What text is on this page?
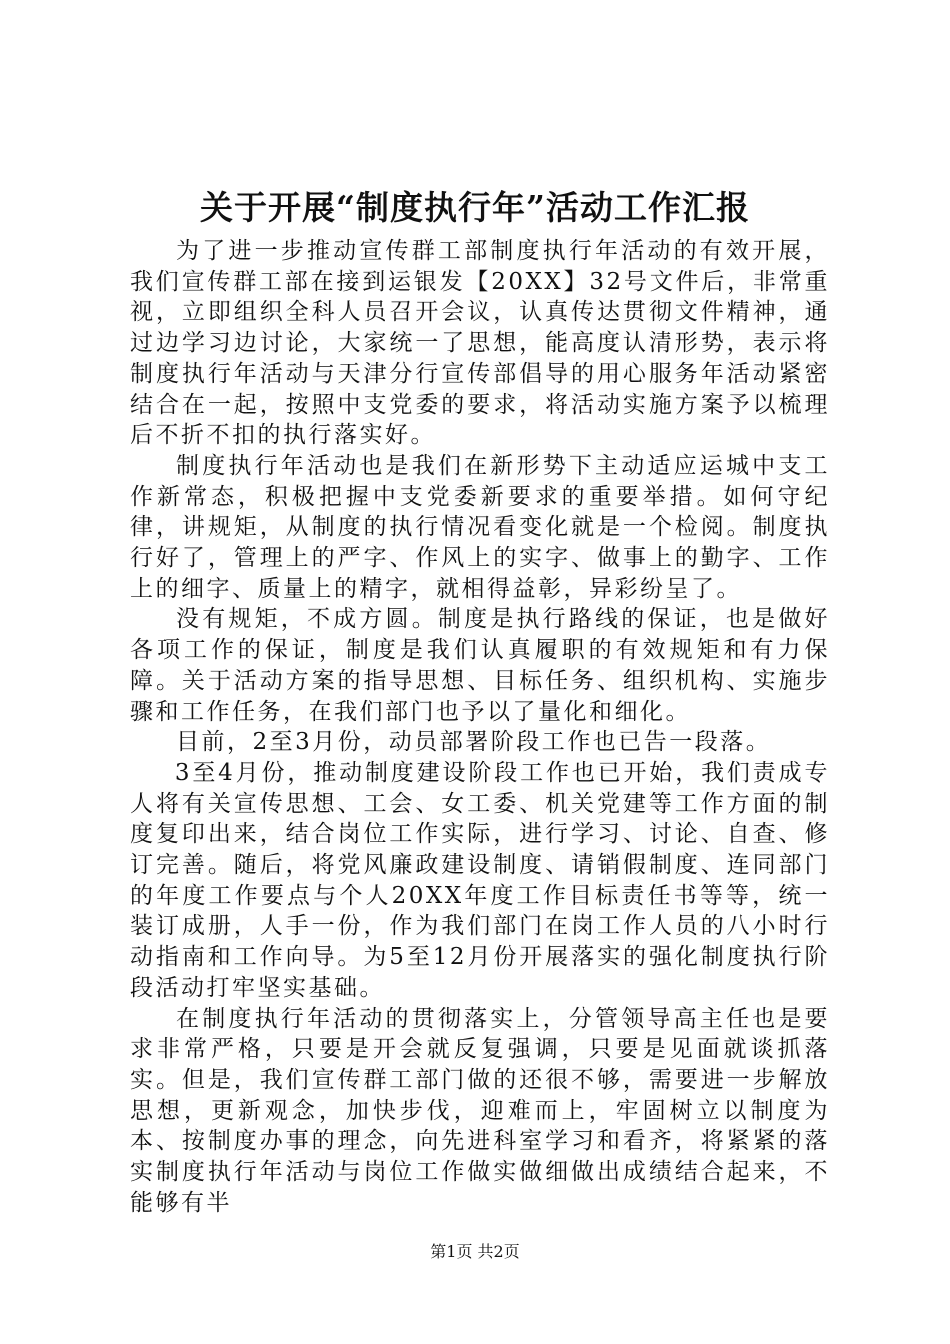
关于开展“制度执行年”活动工作汇报

为了进一步推动宣传群工部制度执行年活动的有效开展，我们宣传群工部在接到运银发【20XX】32号文件后，非常重视，立即组织全科人员召开会议，认真传达贯彻文件精神，通过边学习边讨论，大家统一了思想，能高度认清形势，表示将制度执行年活动与天津分行宣传部倡导的用心服务年活动紧密结合在一起，按照中支党委的要求，将活动实施方案予以梳理后不折不扣的执行落实好。

制度执行年活动也是我们在新形势下主动适应运城中支工作新常态，积极把握中支党委新要求的重要举措。如何守纪律，讲规矩，从制度的执行情况看变化就是一个检阅。制度执行好了，管理上的严字、作风上的实字、做事上的勤字、工作上的细字、质量上的精字，就相得益彰，异彩纷呈了。

没有规矩，不成方圆。制度是执行路线的保证，也是做好各项工作的保证，制度是我们认真履职的有效规矩和有力保障。关于活动方案的指导思想、目标任务、组织机构、实施步骤和工作任务，在我们部门也予以了量化和细化。

目前，2至3月份，动员部署阶段工作也已告一段落。

3至4月份，推动制度建设阶段工作也已开始，我们责成专人将有关宣传思想、工会、女工委、机关党建等工作方面的制度复印出来，结合岗位工作实际，进行学习、讨论、自查、修订完善。随后，将党风廉政建设制度、请销假制度、连同部门的年度工作要点与个人20XX年度工作目标责任书等等，统一装订成册，人手一份，作为我们部门在岗工作人员的八小时行动指南和工作向导。为5至12月份开展落实的强化制度执行阶段活动打牢坚实基础。

在制度执行年活动的贯彻落实上，分管领导高主任也是要求非常严格，只要是开会就反复强调，只要是见面就谈抓落实。但是，我们宣传群工部门做的还很不够，需要进一步解放思想，更新观念，加快步伐，迎难而上，牢固树立以制度为本、按制度办事的理念，向先进科室学习和看齐，将紧紧的落实制度执行年活动与岗位工作做实做细做出成绩结合起来，不能够有半

第1页 共2页
